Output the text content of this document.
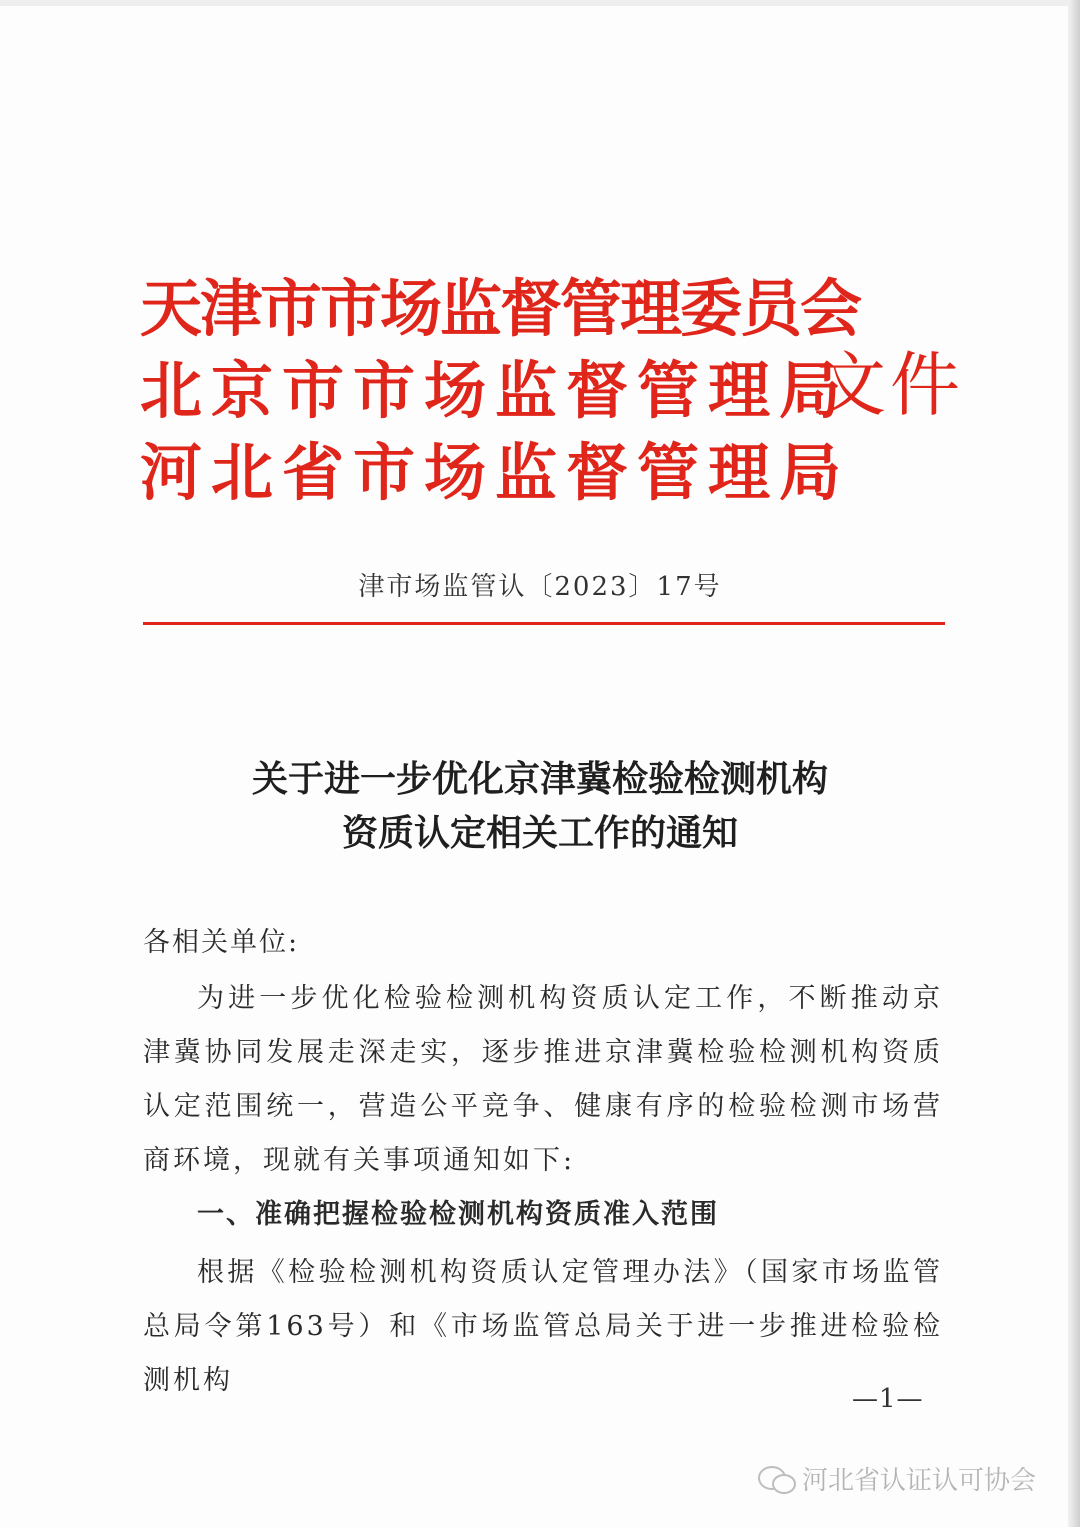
天津市市场监督管理委员会
北京市市场监督管理局
河北省市场监督管理局
文件
津市场监管认〔2023〕17号
关于进一步优化京津冀检验检测机构
资质认定相关工作的通知
各相关单位:

为进一步优化检验检测机构资质认定工作，不断推动京津冀协同发展走深走实，逐步推进京津冀检验检测机构资质认定范围统一，营造公平竞争、健康有序的检验检测市场营商环境，现就有关事项通知如下:

一、准确把握检验检测机构资质准入范围

根据《检验检测机构资质认定管理办法》（国家市场监管总局令第163号）和《市场监管总局关于进一步推进检验检测机构

—1—
河北省认证认可协会
